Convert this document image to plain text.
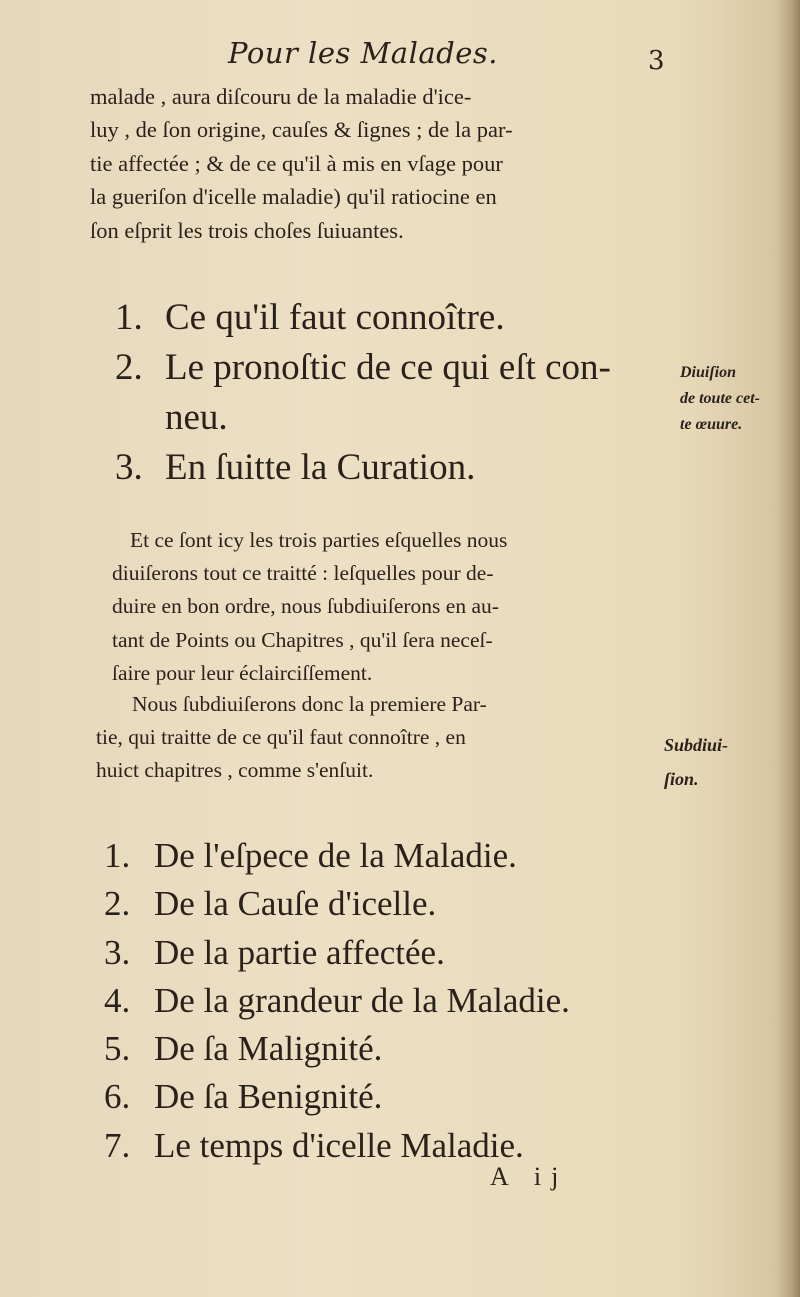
Pour les Malades.	3
malade , aura diſcouru de la maladie d'ice-
luy , de ſon origine, cauſes & ſignes ; de la par-
tie affectée ; & de ce qu'il à mis en vſage pour
la gueriſon d'icelle maladie) qu'il ratiocine en
ſon eſprit les trois choſes ſuiuantes.
1. Ce qu'il faut connoître.
2. Le pronoſtic de ce qui eſt con-
neu.
3. En ſuitte la Curation.
Diuiſion
de toute cet-
te œuure.
Et ce ſont icy les trois parties eſquelles nous
diuiſerons tout ce traitté : leſquelles pour de-
duire en bon ordre, nous ſubdiuiſerons en au-
tant de Points ou Chapitres , qu'il ſera neceſ-
ſaire pour leur éclairciſſement.
Nous ſubdiuiſerons donc la premiere Par-
tie, qui traitte de ce qu'il faut connoître , en
huict chapitres , comme s'enſuit.
Subdiui-
ſion.
1. De l'eſpece de la Maladie.
2. De la Cauſe d'icelle.
3. De la partie affectée.
4. De la grandeur de la Maladie.
5. De ſa Malignité.
6. De ſa Benignité.
7. Le temps d'icelle Maladie.
A ij
